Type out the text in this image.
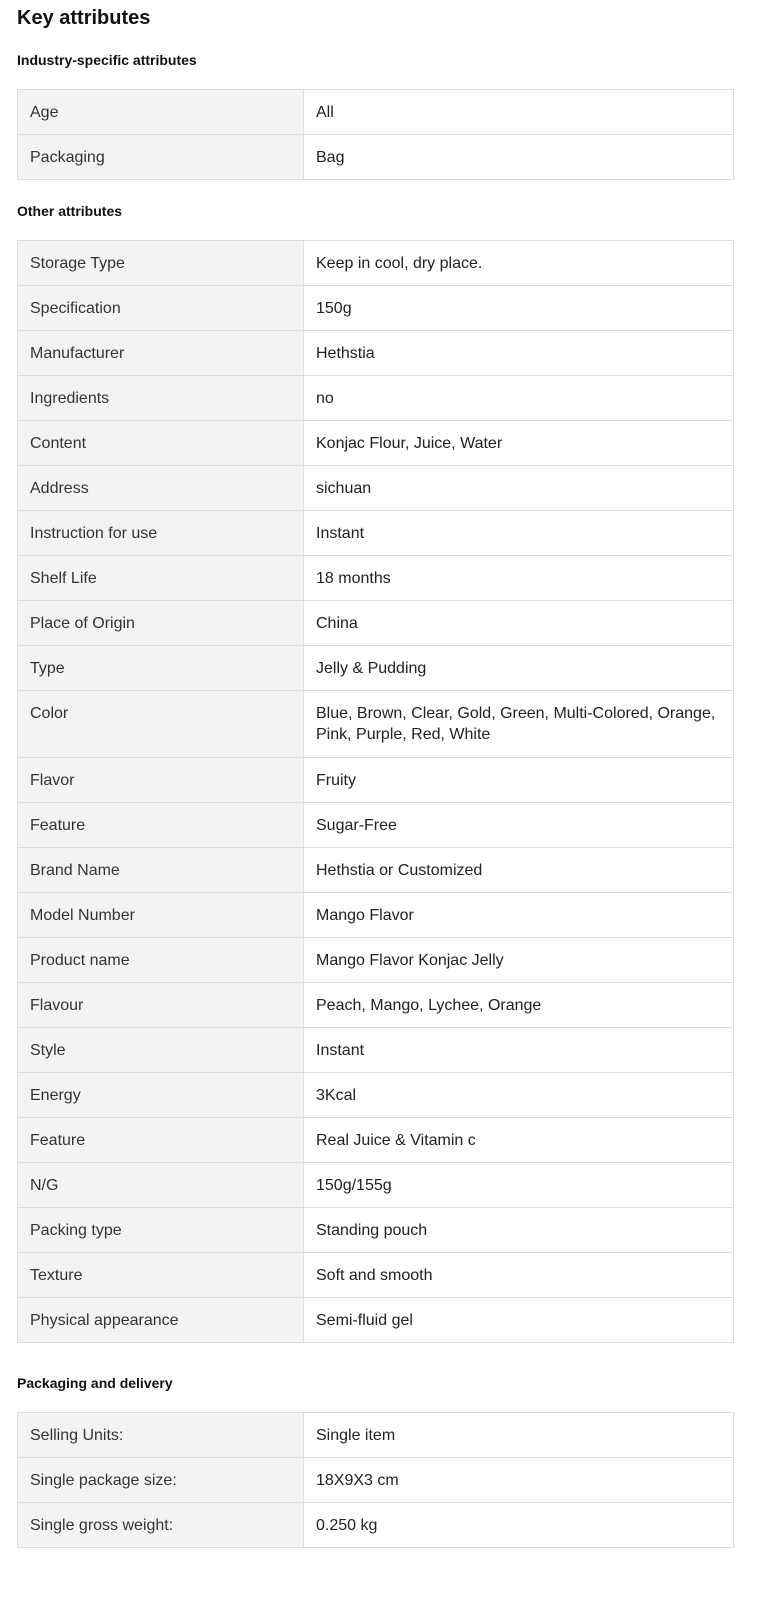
Key attributes
Industry-specific attributes
Age	All
Packaging	Bag
Other attributes
Storage Type	Keep in cool, dry place.
Specification	150g
Manufacturer	Hethstia
Ingredients	no
Content	Konjac Flour, Juice, Water
Address	sichuan
Instruction for use	Instant
Shelf Life	18 months
Place of Origin	China
Type	Jelly & Pudding
Color	Blue, Brown, Clear, Gold, Green, Multi-Colored, Orange, Pink, Purple, Red, White
Flavor	Fruity
Feature	Sugar-Free
Brand Name	Hethstia or Customized
Model Number	Mango Flavor
Product name	Mango Flavor Konjac Jelly
Flavour	Peach, Mango, Lychee, Orange
Style	Instant
Energy	3Kcal
Feature	Real Juice & Vitamin c
N/G	150g/155g
Packing type	Standing pouch
Texture	Soft and smooth
Physical appearance	Semi-fluid gel
Packaging and delivery
Selling Units:	Single item
Single package size:	18X9X3 cm
Single gross weight:	0.250 kg
